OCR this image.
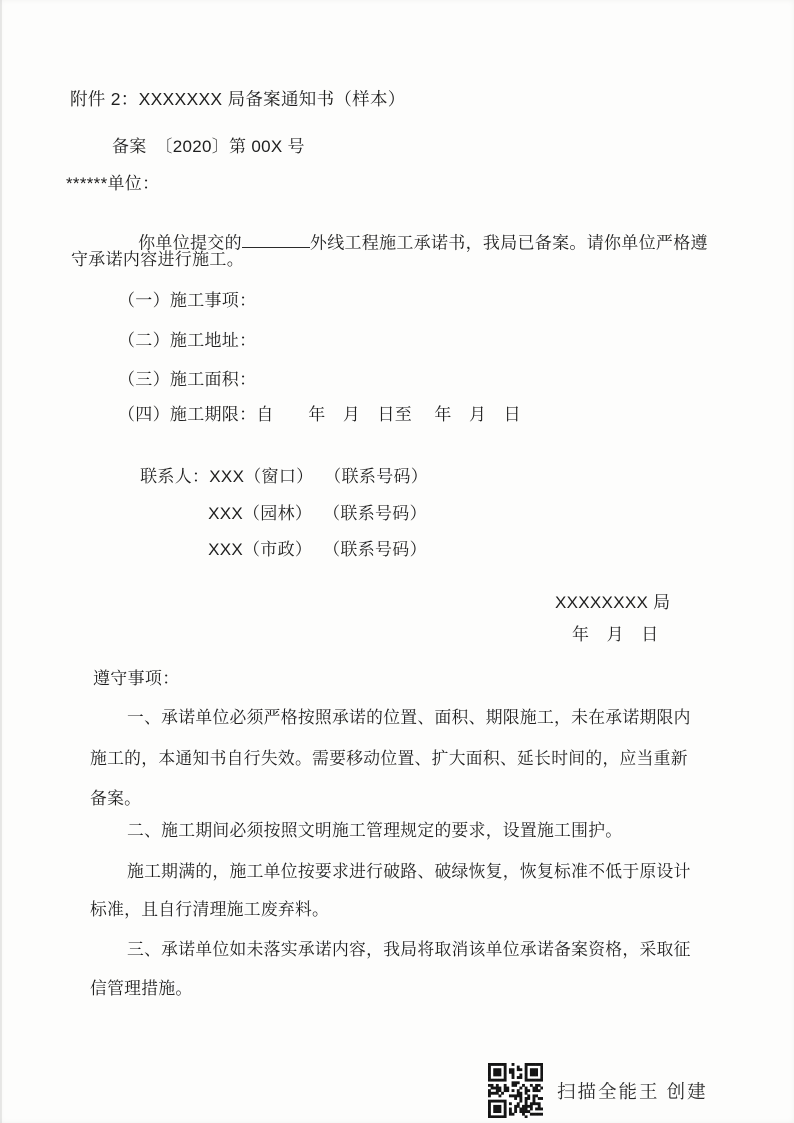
附件 2：XXXXXXX 局备案通知书（样本）
备案　〔2020〕第 00X 号
******单位：

你单位提交的	外线工程施工承诺书，我局已备案。请你单位严格遵

守承诺内容进行施工。
（一）施工事项：
（二）施工地址：
（三）施工面积：
（四）施工期限：自　　年　月　日至　 年　月　日

联系人：XXX（窗口） （联系号码）

XXX（园林） （联系号码）

XXX（市政） （联系号码）

XXXXXXXX 局
年　月　日
遵守事项：
一、承诺单位必须严格按照承诺的位置、面积、期限施工，未在承诺期限内
施工的，本通知书自行失效。需要移动位置、扩大面积、延长时间的，应当重新
备案。
二、施工期间必须按照文明施工管理规定的要求，设置施工围护。
施工期满的，施工单位按要求进行破路、破绿恢复，恢复标准不低于原设计
标准，且自行清理施工废弃料。
三、承诺单位如未落实承诺内容，我局将取消该单位承诺备案资格，采取征
信管理措施。
扫描全能王 创建
